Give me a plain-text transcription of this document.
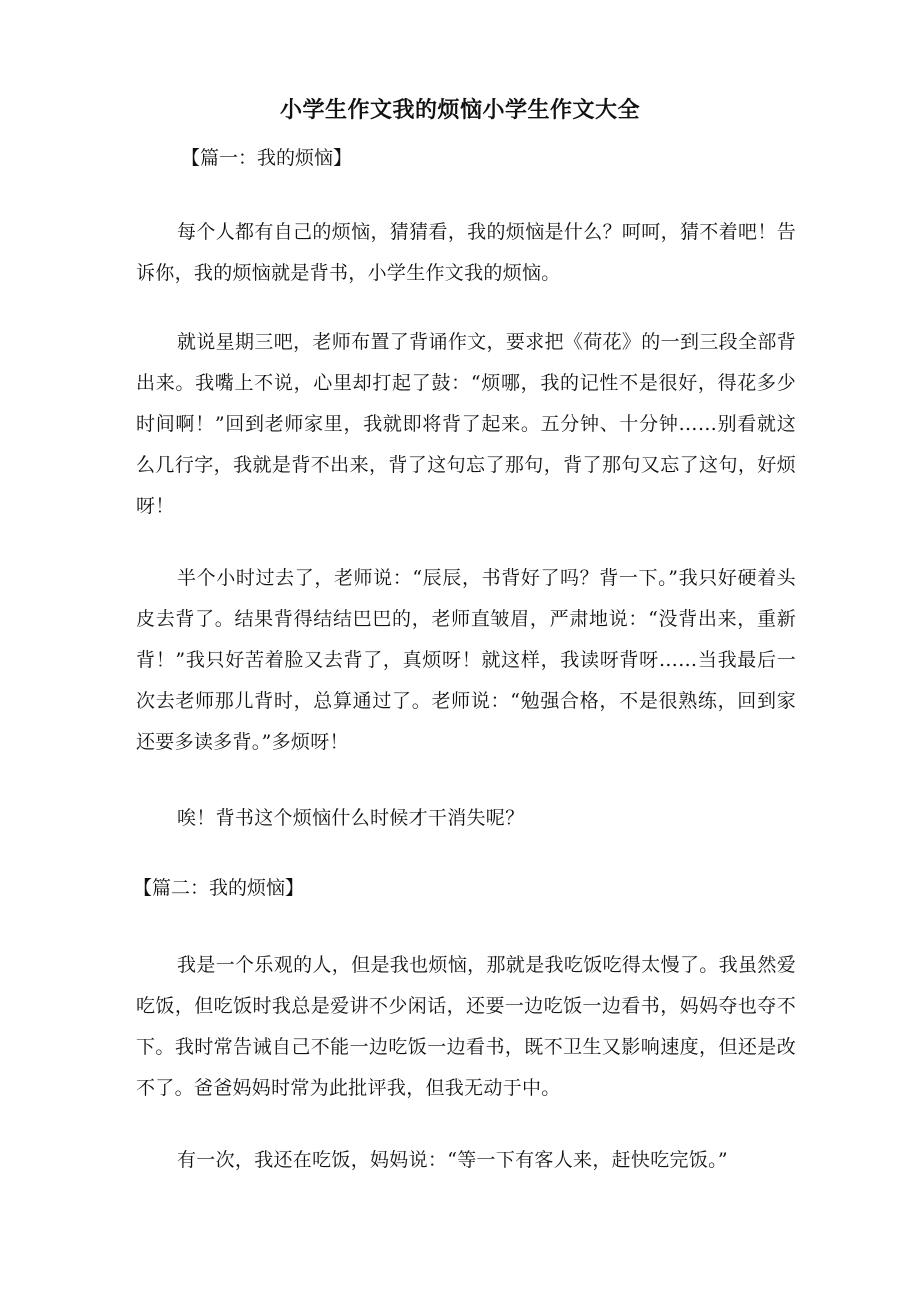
小学生作文我的烦恼小学生作文大全
【篇一：我的烦恼】
每个人都有自己的烦恼，猜猜看，我的烦恼是什么？呵呵，猜不着吧！告诉你，我的烦恼就是背书，小学生作文我的烦恼。
就说星期三吧，老师布置了背诵作文，要求把《荷花》的一到三段全部背出来。我嘴上不说，心里却打起了鼓：“烦哪，我的记性不是很好，得花多少时间啊！”回到老师家里，我就即将背了起来。五分钟、十分钟……别看就这么几行字，我就是背不出来，背了这句忘了那句，背了那句又忘了这句，好烦呀！
半个小时过去了，老师说：“辰辰，书背好了吗？背一下。”我只好硬着头皮去背了。结果背得结结巴巴的，老师直皱眉，严肃地说：“没背出来，重新背！”我只好苦着脸又去背了，真烦呀！就这样，我读呀背呀……当我最后一次去老师那儿背时，总算通过了。老师说：“勉强合格，不是很熟练，回到家还要多读多背。”多烦呀！
唉！背书这个烦恼什么时候才干消失呢？
【篇二：我的烦恼】
我是一个乐观的人，但是我也烦恼，那就是我吃饭吃得太慢了。我虽然爱吃饭，但吃饭时我总是爱讲不少闲话，还要一边吃饭一边看书，妈妈夺也夺不下。我时常告诫自己不能一边吃饭一边看书，既不卫生又影响速度，但还是改不了。爸爸妈妈时常为此批评我，但我无动于中。
有一次，我还在吃饭，妈妈说：“等一下有客人来，赶快吃完饭。”
